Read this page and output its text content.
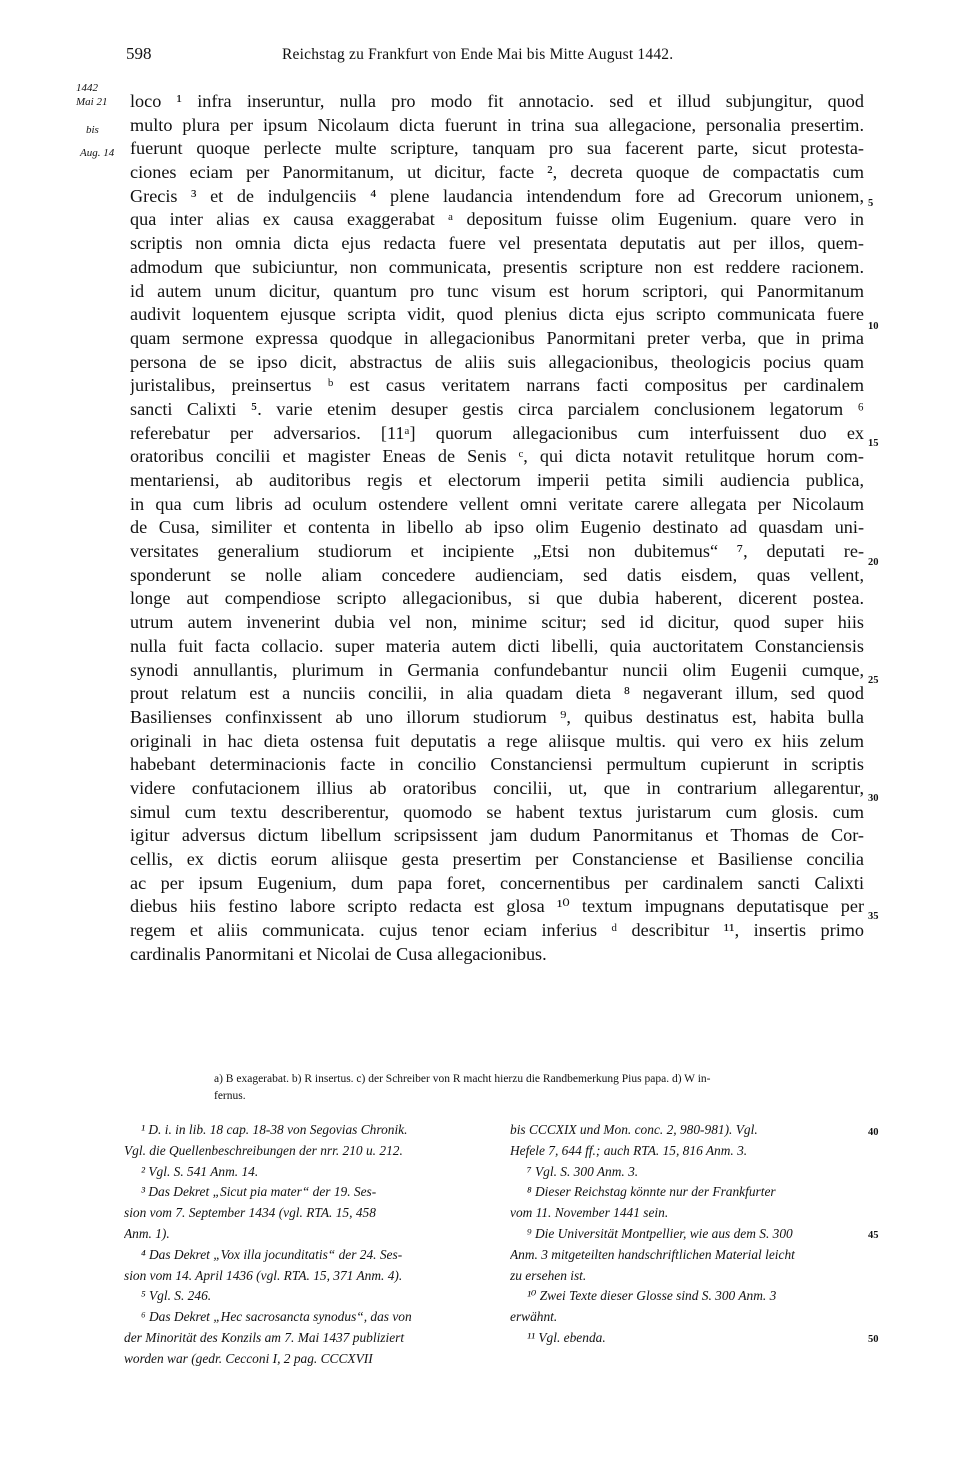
598	Reichstag zu Frankfurt von Ende Mai bis Mitte August 1442.
1442
Mai 21
bis
Aug. 14
loco ¹ infra inseruntur, nulla pro modo fit annotacio. sed et illud subjungitur, quod
multo plura per ipsum Nicolaum dicta fuerunt in trina sua allegacione, personalia presertim.
fuerunt quoque perlecte multe scripture, tanquam pro sua facerent parte, sicut protesta-
ciones eciam per Panormitanum, ut dicitur, facte ², decreta quoque de compactatis cum
Grecis ³ et de indulgenciis ⁴ plene laudancia intendendum fore ad Grecorum unionem,
qua inter alias ex causa exaggerabat ᵃ depositum fuisse olim Eugenium. quare vero in
scriptis non omnia dicta ejus redacta fuere vel presentata deputatis aut per illos, quem-
admodum que subiciuntur, non communicata, presentis scripture non est reddere racionem.
id autem unum dicitur, quantum pro tunc visum est horum scriptori, qui Panormitanum
audivit loquentem ejusque scripta vidit, quod plenius dicta ejus scripto communicata fuere
quam sermone expressa quodque in allegacionibus Panormitani preter verba, que in prima
persona de se ipso dicit, abstractus de aliis suis allegacionibus, theologicis pocius quam
juristalibus, preinsertus ᵇ est casus veritatem narrans facti compositus per cardinalem
sancti Calixti ⁵. varie etenim desuper gestis circa parcialem conclusionem legatorum ⁶
referebatur per adversarios. [11ᵃ] quorum allegacionibus cum interfuissent duo ex
oratoribus concilii et magister Eneas de Senis ᶜ, qui dicta notavit retulitque horum com-
mentariensi, ab auditoribus regis et electorum imperii petita simili audiencia publica,
in qua cum libris ad oculum ostendere vellent omni veritate carere allegata per Nicolaum
de Cusa, similiter et contenta in libello ab ipso olim Eugenio destinato ad quasdam uni-
versitates generalium studiorum et incipiente „Etsi non dubitemus“ ⁷, deputati re-
sponderunt se nolle aliam concedere audienciam, sed datis eisdem, quas vellent,
longe aut compendiose scripto allegacionibus, si que dubia haberent, dicerent postea.
utrum autem invenerint dubia vel non, minime scitur; sed id dicitur, quod super hiis
nulla fuit facta collacio. super materia autem dicti libelli, quia auctoritatem Constanciensis
synodi annullantis, plurimum in Germania confundebantur nuncii olim Eugenii cumque,
prout relatum est a nunciis concilii, in alia quadam dieta ⁸ negaverant illum, sed quod
Basilienses confinxissent ab uno illorum studiorum ⁹, quibus destinatus est, habita bulla
originali in hac dieta ostensa fuit deputatis a rege aliisque multis. qui vero ex hiis zelum
habebant determinacionis facte in concilio Constanciensi permultum cupierunt in scriptis
videre confutacionem illius ab oratoribus concilii, ut, que in contrarium allegarentur,
simul cum textu describerentur, quomodo se habent textus juristarum cum glosis. cum
igitur adversus dictum libellum scripsissent jam dudum Panormitanus et Thomas de Cor-
cellis, ex dictis eorum aliisque gesta presertim per Constanciense et Basiliense concilia
ac per ipsum Eugenium, dum papa foret, concernentibus per cardinalem sancti Calixti
diebus hiis festino labore scripto redacta est glosa ¹⁰ textum impugnans deputatisque per
regem et aliis communicata. cujus tenor eciam inferius ᵈ describitur ¹¹, insertis primo
cardinalis Panormitani et Nicolai de Cusa allegacionibus.
5
10
15
20
25
30
35
40
45
50
a) B exagerabat. b) R insertus. c) der Schreiber von R macht hierzu die Randbemerkung Pius papa. d) W in-
fernus.
¹ D. i. in lib. 18 cap. 18-38 von Segovias Chronik.
Vgl. die Quellenbeschreibungen der nrr. 210 u. 212.
² Vgl. S. 541 Anm. 14.
³ Das Dekret „Sicut pia mater“ der 19. Ses-
sion vom 7. September 1434 (vgl. RTA. 15, 458
Anm. 1).
⁴ Das Dekret „Vox illa jocunditatis“ der 24. Ses-
sion vom 14. April 1436 (vgl. RTA. 15, 371 Anm. 4).
⁵ Vgl. S. 246.
⁶ Das Dekret „Hec sacrosancta synodus“, das von
der Minorität des Konzils am 7. Mai 1437 publiziert
worden war (gedr. Cecconi I, 2 pag. CCCXVII
bis CCCXIX und Mon. conc. 2, 980-981). Vgl.
Hefele 7, 644 ff.; auch RTA. 15, 816 Anm. 3.
⁷ Vgl. S. 300 Anm. 3.
⁸ Dieser Reichstag könnte nur der Frankfurter
vom 11. November 1441 sein.
⁹ Die Universität Montpellier, wie aus dem S. 300
Anm. 3 mitgeteilten handschriftlichen Material leicht
zu ersehen ist.
¹⁰ Zwei Texte dieser Glosse sind S. 300 Anm. 3
erwähnt.
¹¹ Vgl. ebenda.
